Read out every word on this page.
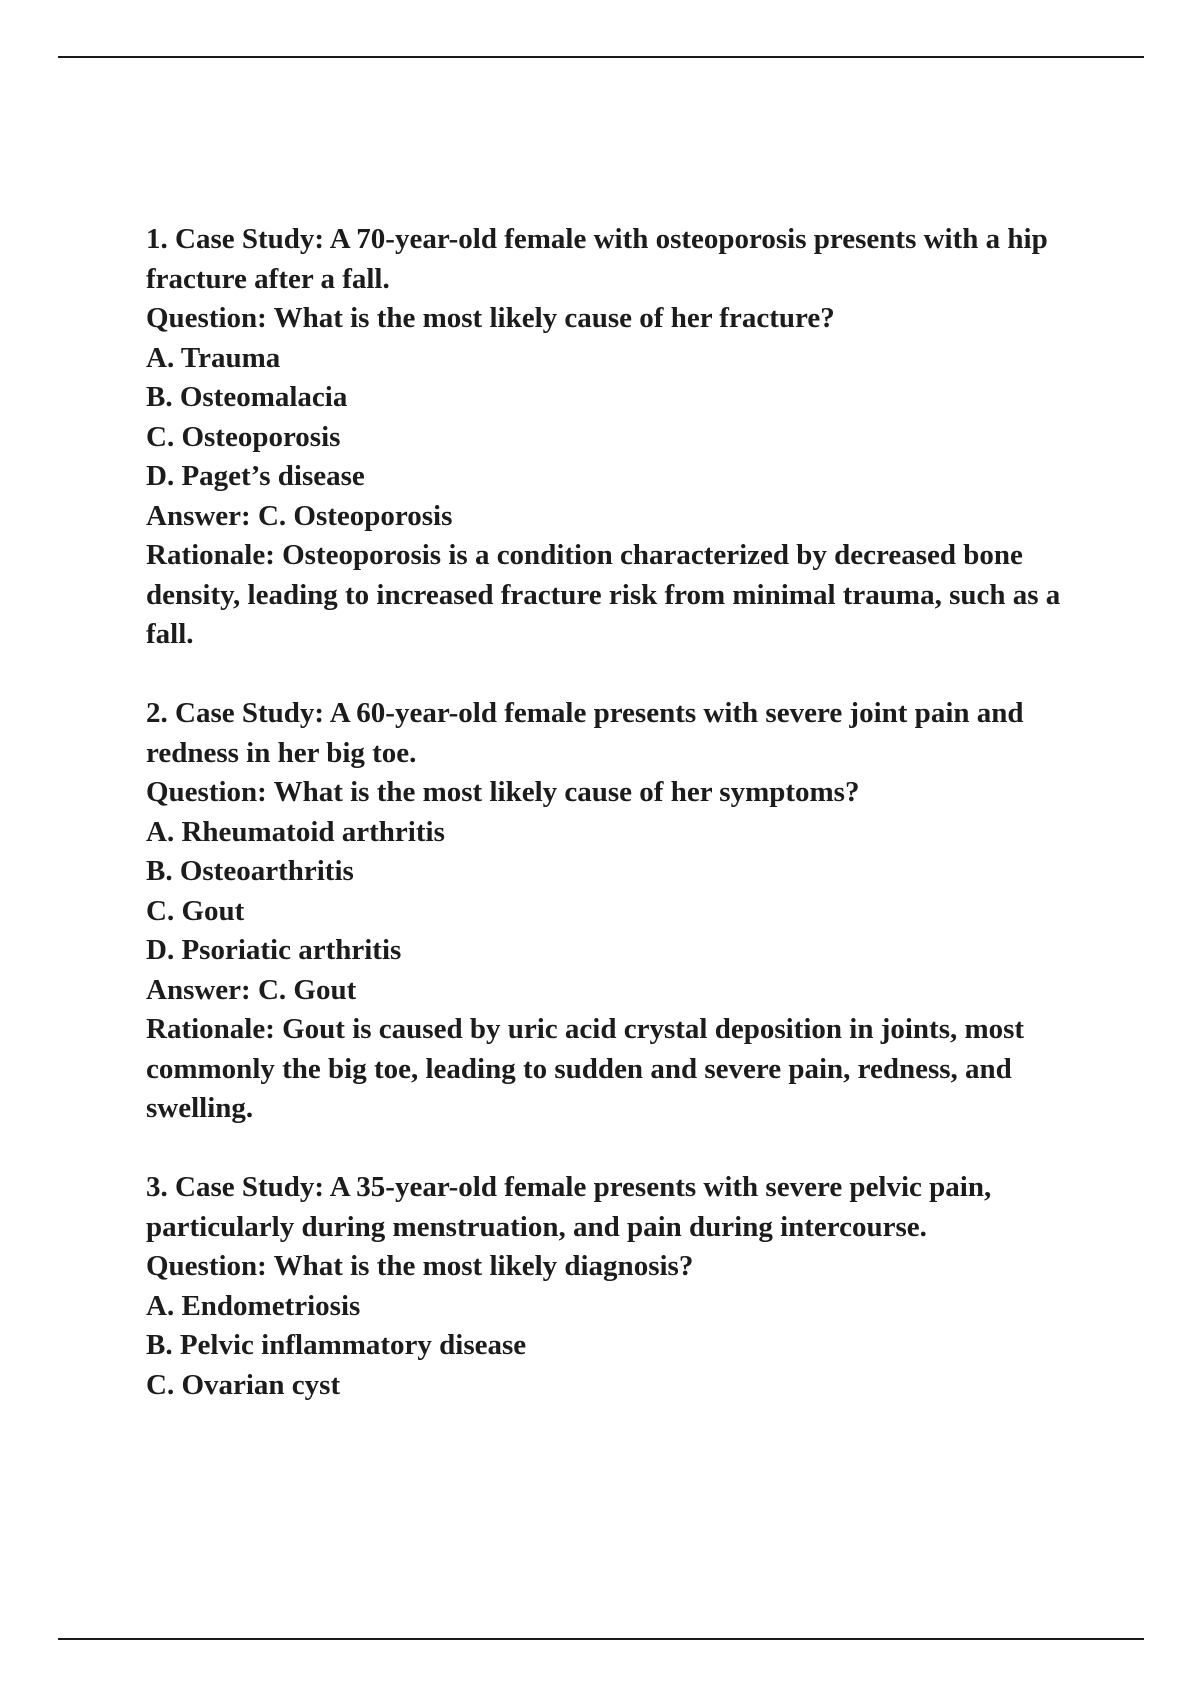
1. Case Study: A 70-year-old female with osteoporosis presents with a hip fracture after a fall.

Question: What is the most likely cause of her fracture?

A. Trauma
B. Osteomalacia
C. Osteoporosis
D. Paget’s disease

Answer: C. Osteoporosis

Rationale: Osteoporosis is a condition characterized by decreased bone density, leading to increased fracture risk from minimal trauma, such as a fall.

2. Case Study: A 60-year-old female presents with severe joint pain and redness in her big toe.

Question: What is the most likely cause of her symptoms?

A. Rheumatoid arthritis
B. Osteoarthritis
C. Gout
D. Psoriatic arthritis

Answer: C. Gout

Rationale: Gout is caused by uric acid crystal deposition in joints, most commonly the big toe, leading to sudden and severe pain, redness, and swelling.

3. Case Study: A 35-year-old female presents with severe pelvic pain, particularly during menstruation, and pain during intercourse.

Question: What is the most likely diagnosis?

A. Endometriosis
B. Pelvic inflammatory disease
C. Ovarian cyst
